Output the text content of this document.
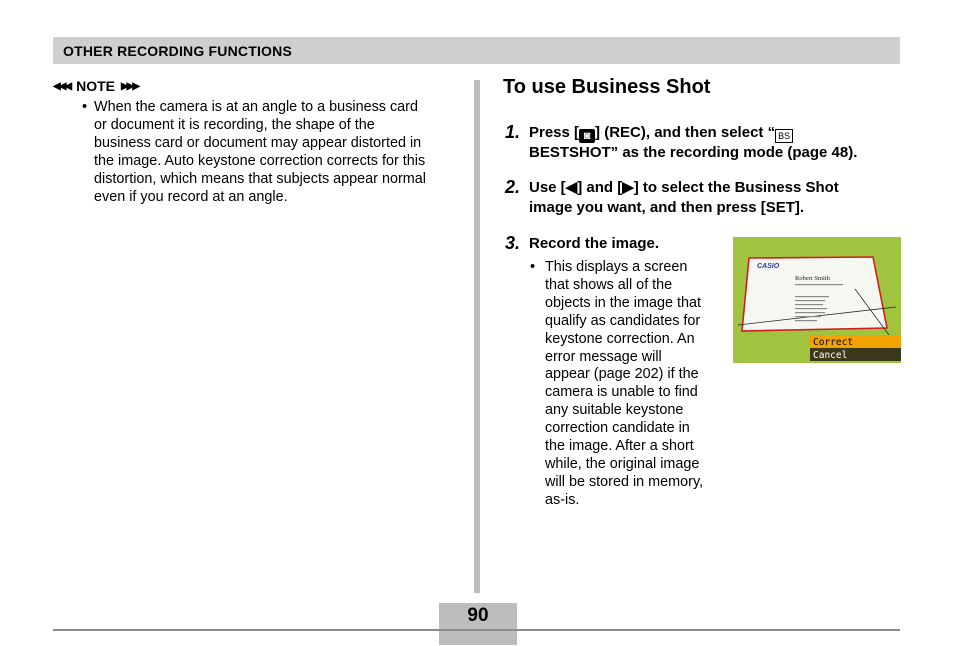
OTHER RECORDING FUNCTIONS
◀◀◀ NOTE ▶▶▶
• When the camera is at an angle to a business card
or document it is recording, the shape of the
business card or document may appear distorted in
the image. Auto keystone correction corrects for this
distortion, which means that subjects appear normal
even if you record at an angle.
To use Business Shot
1. Press [ ◙ ] (REC), and then select “ BS
BESTSHOT” as the recording mode (page 48).
2. Use [◀] and [▶] to select the Business Shot
image you want, and then press [SET].
3. Record the image.
• This displays a screen
that shows all of the
objects in the image that
qualify as candidates for
keystone correction. An
error message will
appear (page 202) if the
camera is unable to find
any suitable keystone
correction candidate in
the image. After a short
while, the original image
will be stored in memory,
as-is.
CASIO
Robert Smith
Correct
Cancel
90
